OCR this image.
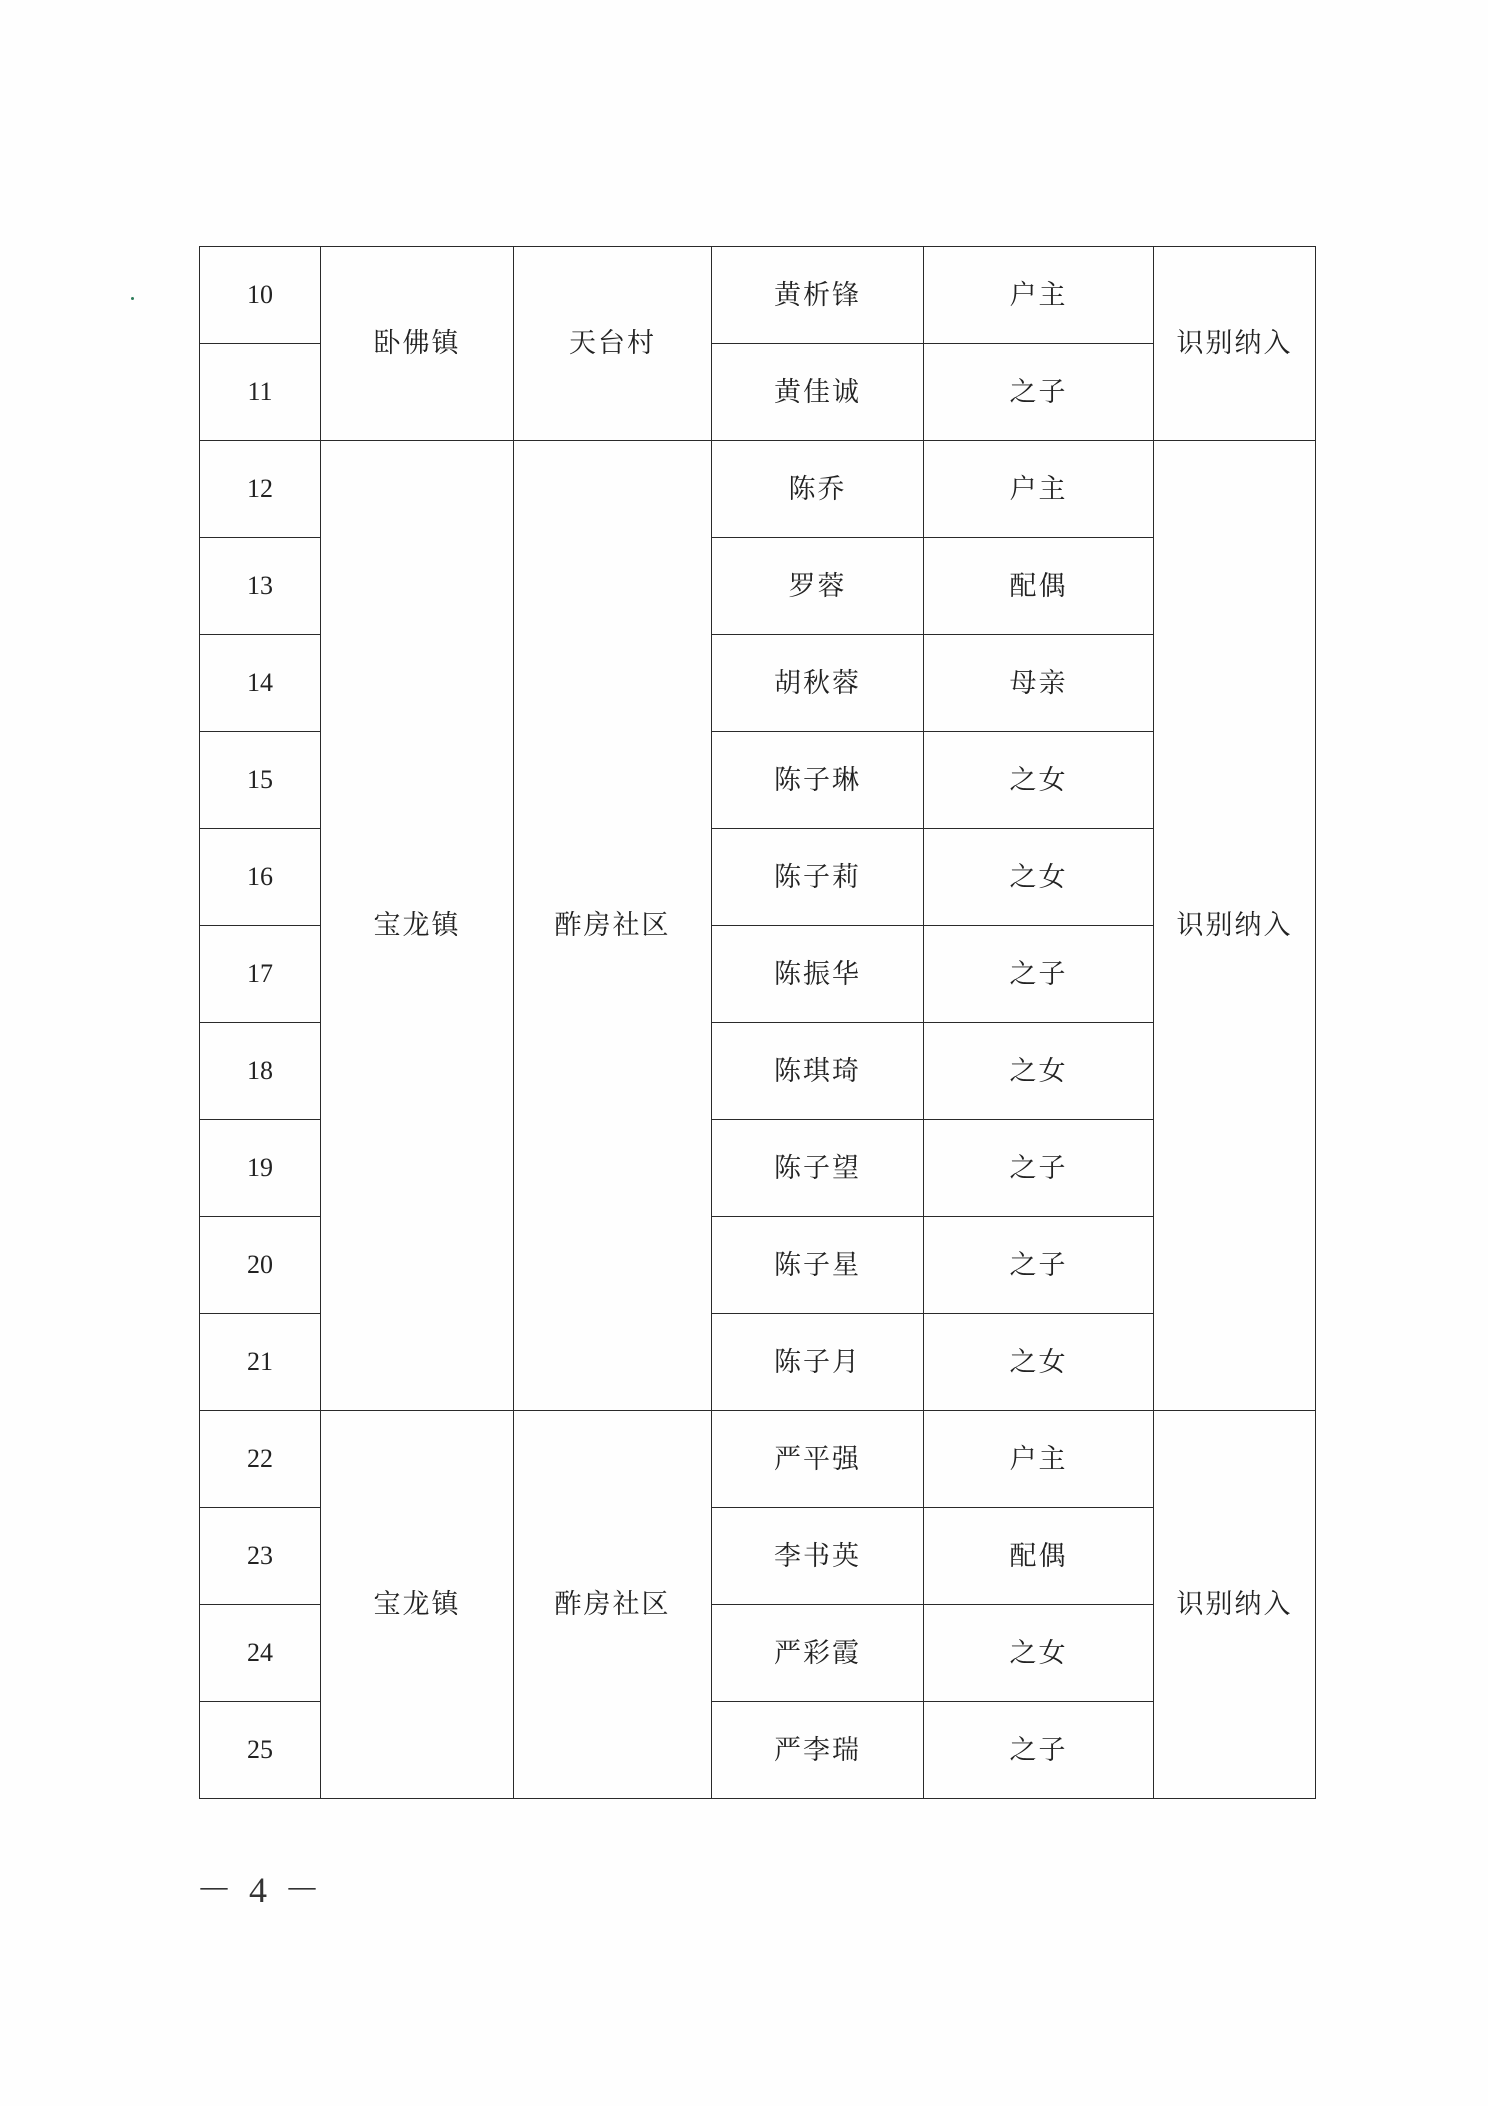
10	卧佛镇	天台村	黄析锋	户主	识别纳入
11			黄佳诚	之子	
12	宝龙镇	酢房社区	陈乔	户主	识别纳入
13			罗蓉	配偶	
14			胡秋蓉	母亲	
15			陈子琳	之女	
16			陈子莉	之女	
17			陈振华	之子	
18			陈琪琦	之女	
19			陈子望	之子	
20			陈子星	之子	
21			陈子月	之女	
22	宝龙镇	酢房社区	严平强	户主	识别纳入
23			李书英	配偶	
24			严彩霞	之女	
25			严李瑞	之子	
－ 4 －
